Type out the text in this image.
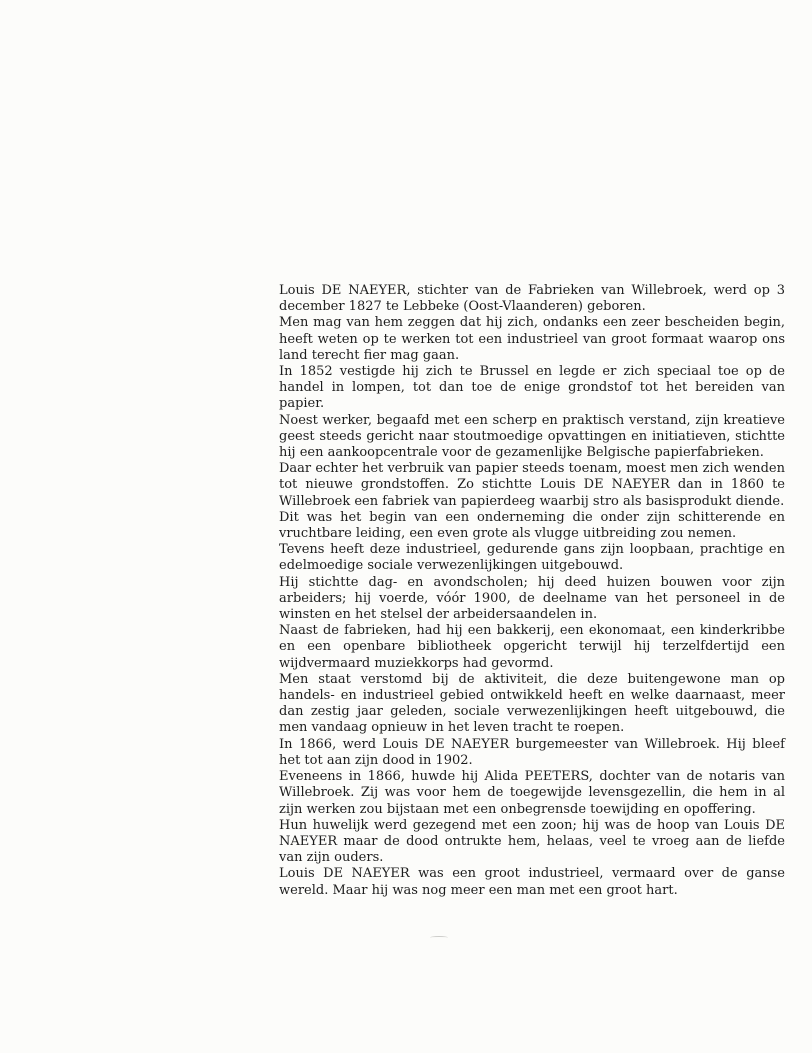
Louis DE NAEYER, stichter van de Fabrieken van Willebroek, werd op 3 december 1827 te Lebbeke (Oost-Vlaanderen) geboren.

Men mag van hem zeggen dat hij zich, ondanks een zeer bescheiden begin, heeft weten op te werken tot een industrieel van groot formaat waarop ons land terecht fier mag gaan.

In 1852 vestigde hij zich te Brussel en legde er zich speciaal toe op de handel in lompen, tot dan toe de enige grondstof tot het bereiden van papier.

Noest werker, begaafd met een scherp en praktisch verstand, zijn kreatieve geest steeds gericht naar stoutmoedige opvattingen en initiatieven, stichtte hij een aankoopcentrale voor de gezamenlijke Belgische papierfabrieken.

Daar echter het verbruik van papier steeds toenam, moest men zich wenden tot nieuwe grondstoffen. Zo stichtte Louis DE NAEYER dan in 1860 te Willebroek een fabriek van papierdeeg waarbij stro als basisprodukt diende.

Dit was het begin van een onderneming die onder zijn schitterende en vruchtbare leiding, een even grote als vlugge uitbreiding zou nemen.

Tevens heeft deze industrieel, gedurende gans zijn loopbaan, prachtige en edelmoedige sociale verwezenlijkingen uitgebouwd.

Hij stichtte dag- en avondscholen; hij deed huizen bouwen voor zijn arbeiders; hij voerde, vóór 1900, de deelname van het personeel in de winsten en het stelsel der arbeidersaandelen in.

Naast de fabrieken, had hij een bakkerij, een ekonomaat, een kinderkribbe en een openbare bibliotheek opgericht terwijl hij terzelfdertijd een wijdvermaard muziekkorps had gevormd.

Men staat verstomd bij de aktiviteit, die deze buitengewone man op handels- en industrieel gebied ontwikkeld heeft en welke daarnaast, meer dan zestig jaar geleden, sociale verwezenlijkingen heeft uitgebouwd, die men vandaag opnieuw in het leven tracht te roepen.

In 1866, werd Louis DE NAEYER burgemeester van Willebroek. Hij bleef het tot aan zijn dood in 1902.

Eveneens in 1866, huwde hij Alida PEETERS, dochter van de notaris van Willebroek. Zij was voor hem de toegewijde levensgezellin, die hem in al zijn werken zou bijstaan met een onbegrensde toewijding en opoffering.

Hun huwelijk werd gezegend met een zoon; hij was de hoop van Louis DE NAEYER maar de dood ontrukte hem, helaas, veel te vroeg aan de liefde van zijn ouders.

Louis DE NAEYER was een groot industrieel, vermaard over de ganse wereld. Maar hij was nog meer een man met een groot hart.
